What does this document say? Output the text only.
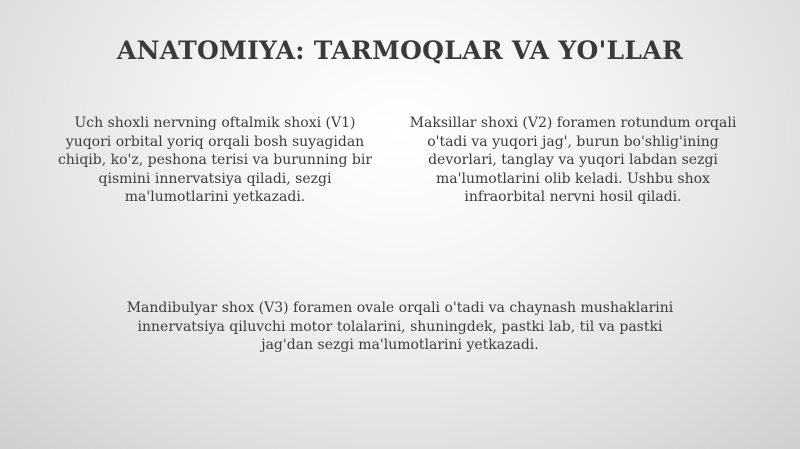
ANATOMIYA: TARMOQLAR VA YO'LLAR
Uch shoxli nervning oftalmik shoxi (V1) yuqori orbital yoriq orqali bosh suyagidan chiqib, ko'z, peshona terisi va burunning bir qismini innervatsiya qiladi, sezgi ma'lumotlarini yetkazadi.
Maksillar shoxi (V2) foramen rotundum orqali o'tadi va yuqori jag', burun bo'shlig'ining devorlari, tanglay va yuqori labdan sezgi ma'lumotlarini olib keladi. Ushbu shox infraorbital nervni hosil qiladi.
Mandibulyar shox (V3) foramen ovale orqali o'tadi va chaynash mushaklarini innervatsiya qiluvchi motor tolalarini, shuningdek, pastki lab, til va pastki jag'dan sezgi ma'lumotlarini yetkazadi.
